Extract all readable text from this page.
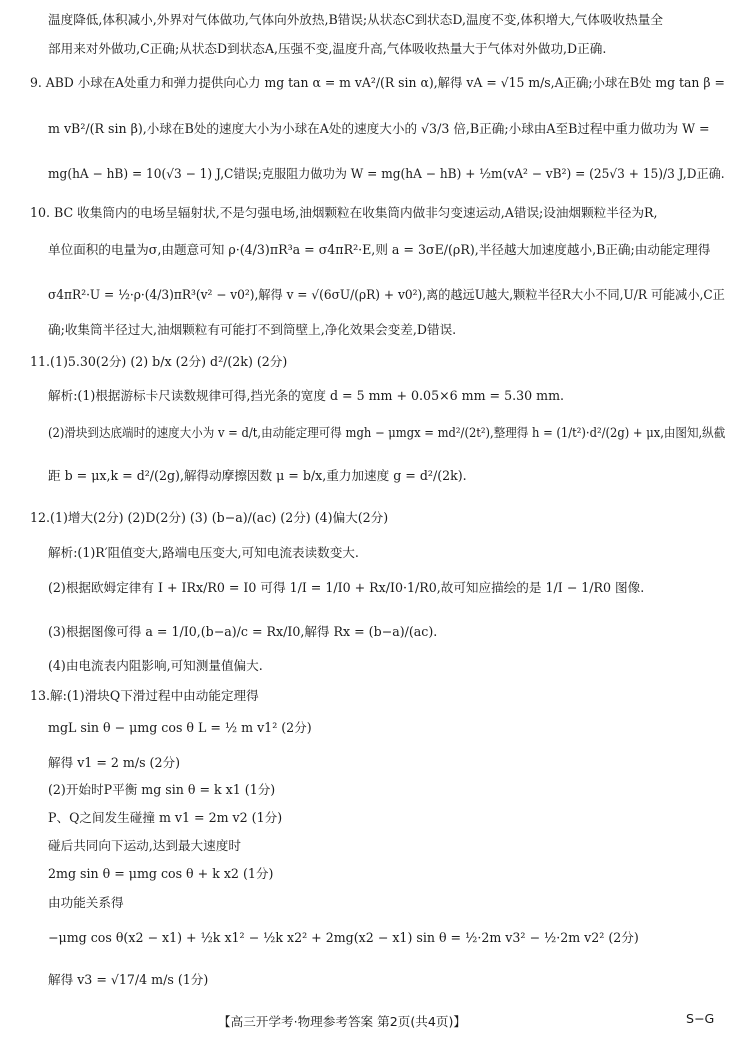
温度降低,体积减小,外界对气体做功,气体向外放热,B错误;从状态C到状态D,温度不变,体积增大,气体吸收热量全
部用来对外做功,C正确;从状态D到状态A,压强不变,温度升高,气体吸收热量大于气体对外做功,D正确.
9. ABD 小球在A处重力和弹力提供向心力 mg tan α = m vA²/(R sin α),解得 vA = √15 m/s,A正确;小球在B处 mg tan β =
m vB²/(R sin β),小球在B处的速度大小为小球在A处的速度大小的 √3/3 倍,B正确;小球由A至B过程中重力做功为 W =
mg(hA − hB) = 10(√3 − 1) J,C错误;克服阻力做功为 W = mg(hA − hB) + ½m(vA² − vB²) = (25√3 + 15)/3 J,D正确.
10. BC 收集筒内的电场呈辐射状,不是匀强电场,油烟颗粒在收集筒内做非匀变速运动,A错误;设油烟颗粒半径为R,
单位面积的电量为σ,由题意可知 ρ·(4/3)πR³a = σ4πR²·E,则 a = 3σE/(ρR),半径越大加速度越小,B正确;由动能定理得
σ4πR²·U = ½·ρ·(4/3)πR³(v² − v0²),解得 v = √(6σU/(ρR) + v0²),离的越远U越大,颗粒半径R大小不同,U/R 可能减小,C正
确;收集筒半径过大,油烟颗粒有可能打不到筒壁上,净化效果会变差,D错误.
11.(1)5.30(2分) (2) b/x (2分) d²/(2k) (2分)
解析:(1)根据游标卡尺读数规律可得,挡光条的宽度 d = 5 mm + 0.05×6 mm = 5.30 mm.
(2)滑块到达底端时的速度大小为 v = d/t,由动能定理可得 mgh − μmgx = md²/(2t²),整理得 h = (1/t²)·d²/(2g) + μx,由图知,纵截
距 b = μx,k = d²/(2g),解得动摩擦因数 μ = b/x,重力加速度 g = d²/(2k).
12.(1)增大(2分) (2)D(2分) (3) (b−a)/(ac) (2分) (4)偏大(2分)
解析:(1)R′阻值变大,路端电压变大,可知电流表读数变大.
(2)根据欧姆定律有 I + IRx/R0 = I0 可得 1/I = 1/I0 + Rx/I0·1/R0,故可知应描绘的是 1/I − 1/R0 图像.
(3)根据图像可得 a = 1/I0,(b−a)/c = Rx/I0,解得 Rx = (b−a)/(ac).
(4)由电流表内阻影响,可知测量值偏大.
13.解:(1)滑块Q下滑过程中由动能定理得
mgL sin θ − μmg cos θ L = ½ m v1² (2分)
解得 v1 = 2 m/s (2分)
(2)开始时P平衡 mg sin θ = k x1 (1分)
P、Q之间发生碰撞 m v1 = 2m v2 (1分)
碰后共同向下运动,达到最大速度时
2mg sin θ = μmg cos θ + k x2 (1分)
由功能关系得
−μmg cos θ(x2 − x1) + ½k x1² − ½k x2² + 2mg(x2 − x1) sin θ = ½·2m v3² − ½·2m v2² (2分)
解得 v3 = √17/4 m/s (1分)
【高三开学考·物理参考答案 第2页(共4页)】	S−G
